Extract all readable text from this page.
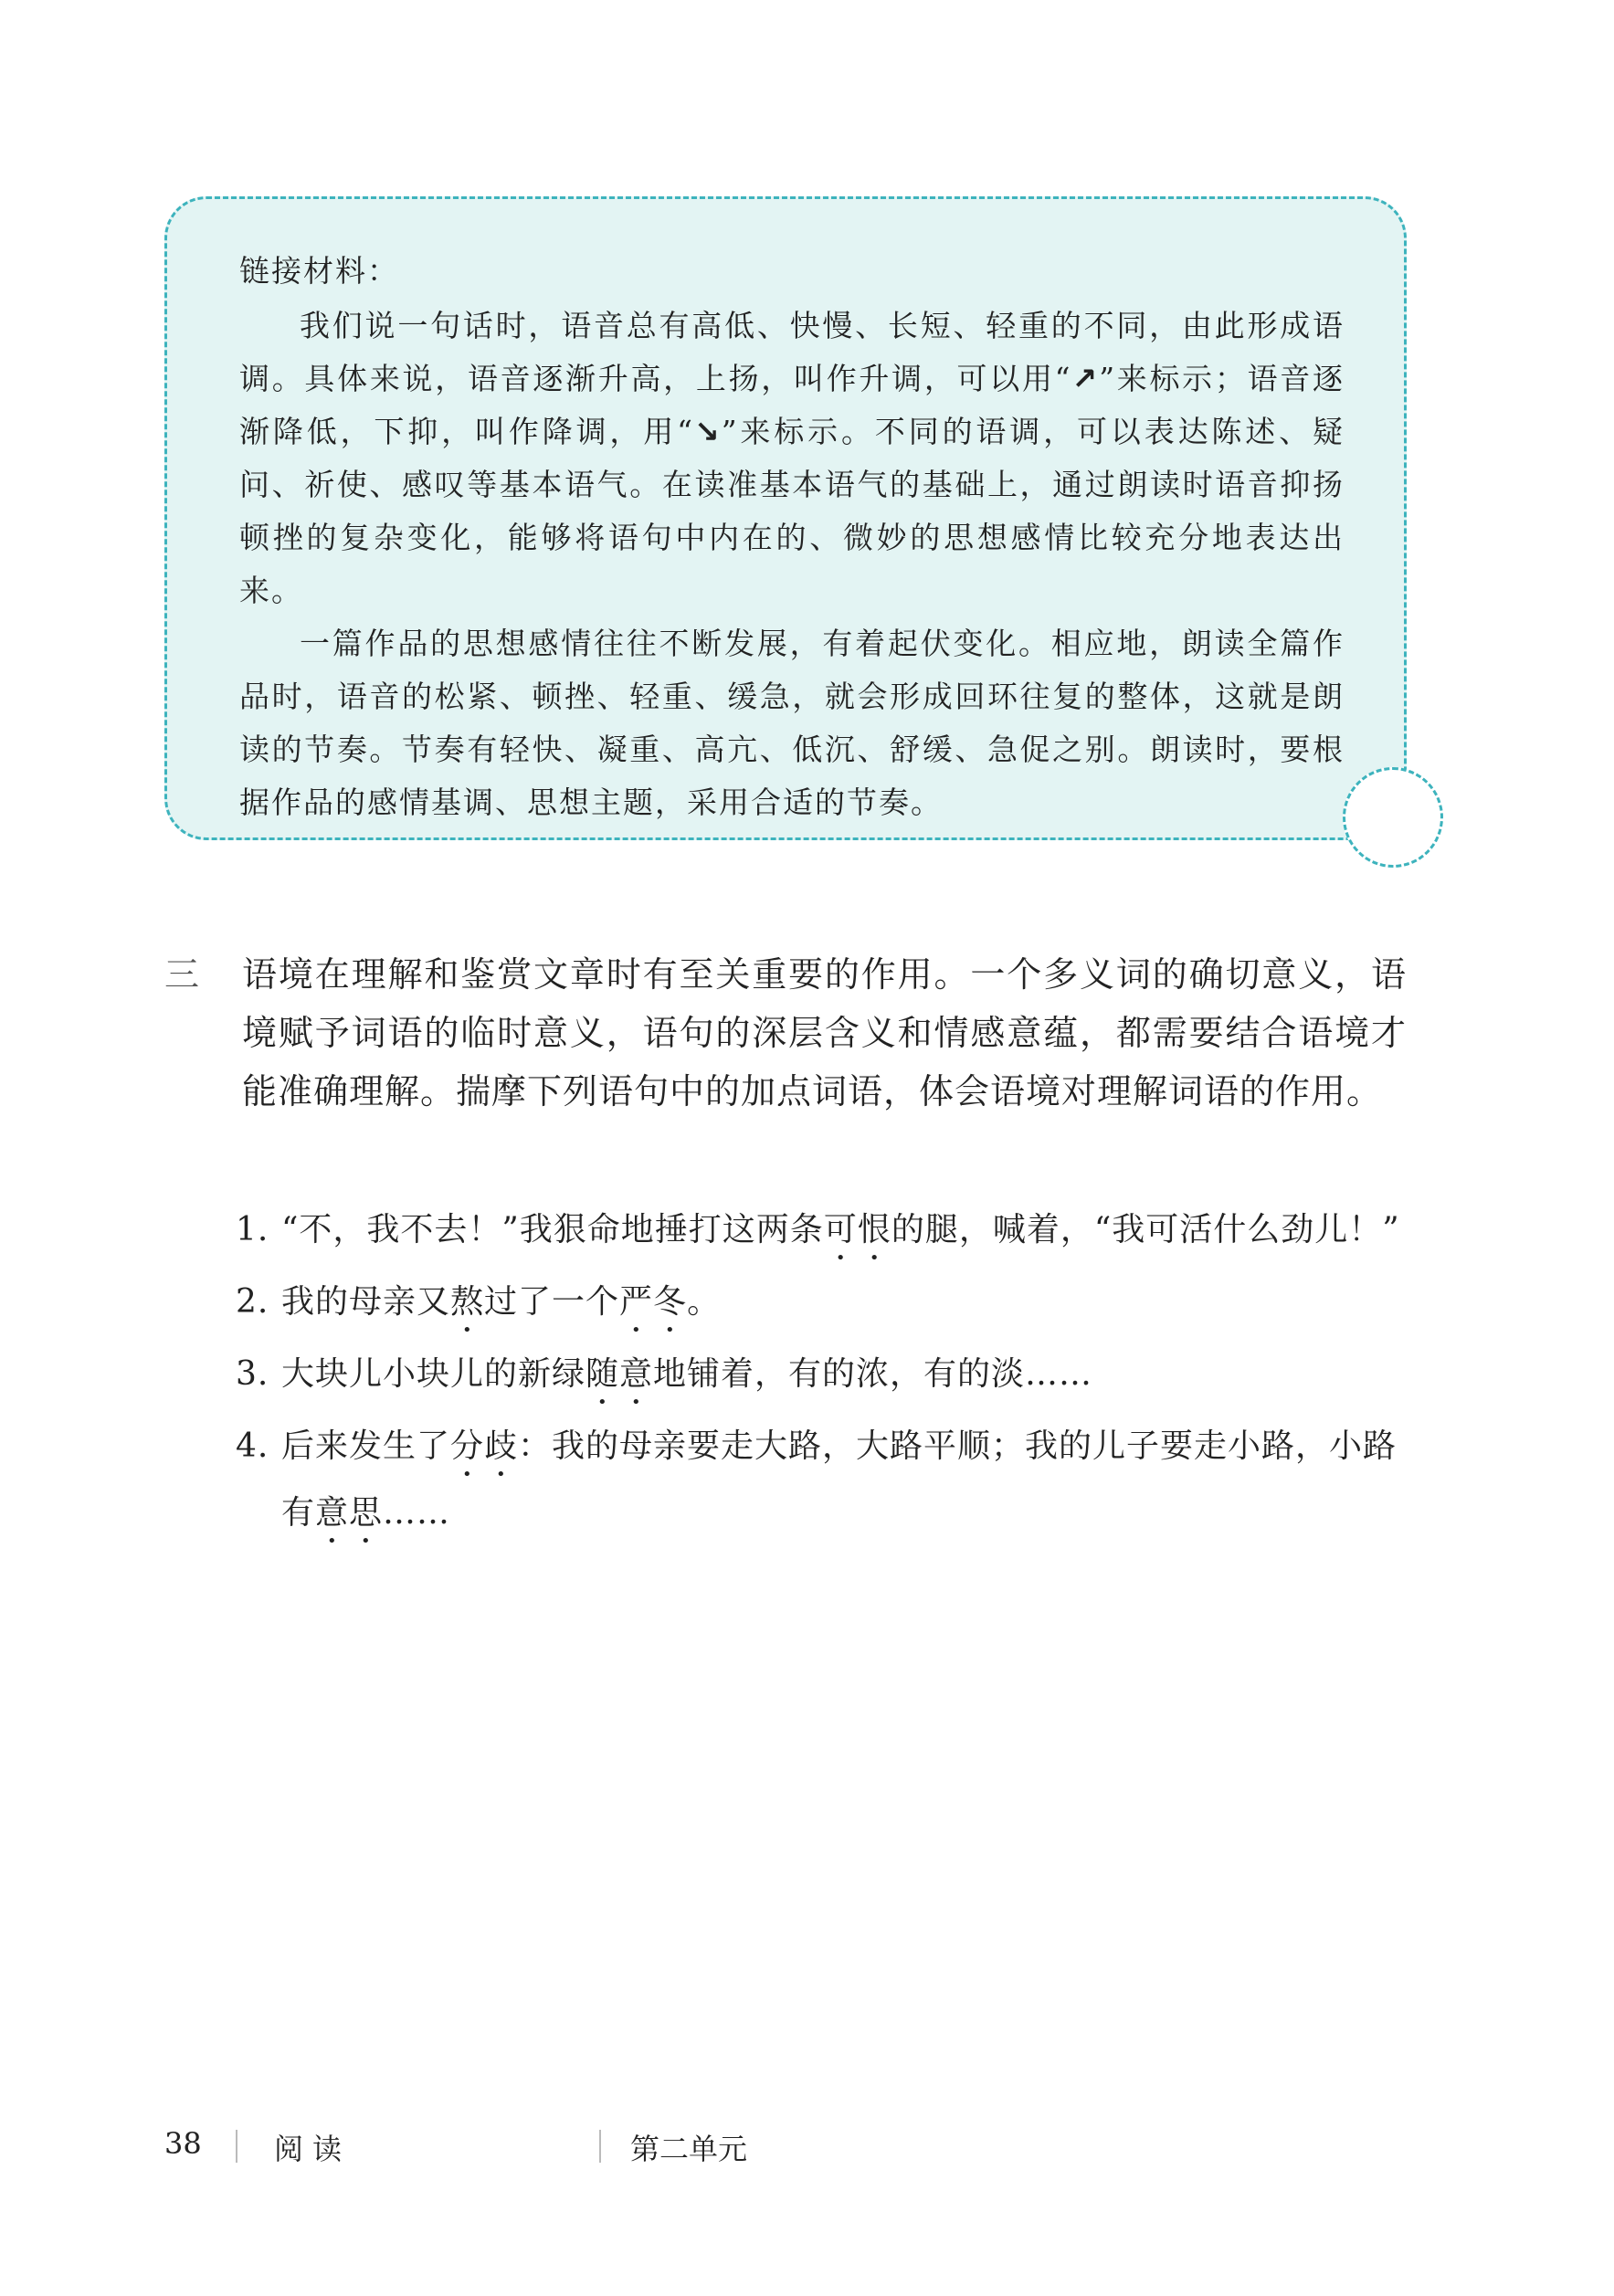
链接材料：

我们说一句话时，语音总有高低、快慢、长短、轻重的不同，由此形成语调。具体来说，语音逐渐升高，上扬，叫作升调，可以用“↗”来标示；语音逐渐降低，下抑，叫作降调，用“↘”来标示。不同的语调，可以表达陈述、疑问、祈使、感叹等基本语气。在读准基本语气的基础上，通过朗读时语音抑扬顿挫的复杂变化，能够将语句中内在的、微妙的思想感情比较充分地表达出来。

一篇作品的思想感情往往不断发展，有着起伏变化。相应地，朗读全篇作品时，语音的松紧、顿挫、轻重、缓急，就会形成回环往复的整体，这就是朗读的节奏。节奏有轻快、凝重、高亢、低沉、舒缓、急促之别。朗读时，要根据作品的感情基调、思想主题，采用合适的节奏。

三	语境在理解和鉴赏文章时有至关重要的作用。一个多义词的确切意义，语境赋予词语的临时意义，语句的深层含义和情感意蕴，都需要结合语境才能准确理解。揣摩下列语句中的加点词语，体会语境对理解词语的作用。
1. “不，我不去！”我狠命地捶打这两条可恨的腿，喊着，“我可活什么劲儿！”
2. 我的母亲又熬过了一个严冬。
3. 大块儿小块儿的新绿随意地铺着，有的浓，有的淡……
4. 后来发生了分歧：我的母亲要走大路，大路平顺；我的儿子要走小路，小路有意思……
38 阅读	第二单元
